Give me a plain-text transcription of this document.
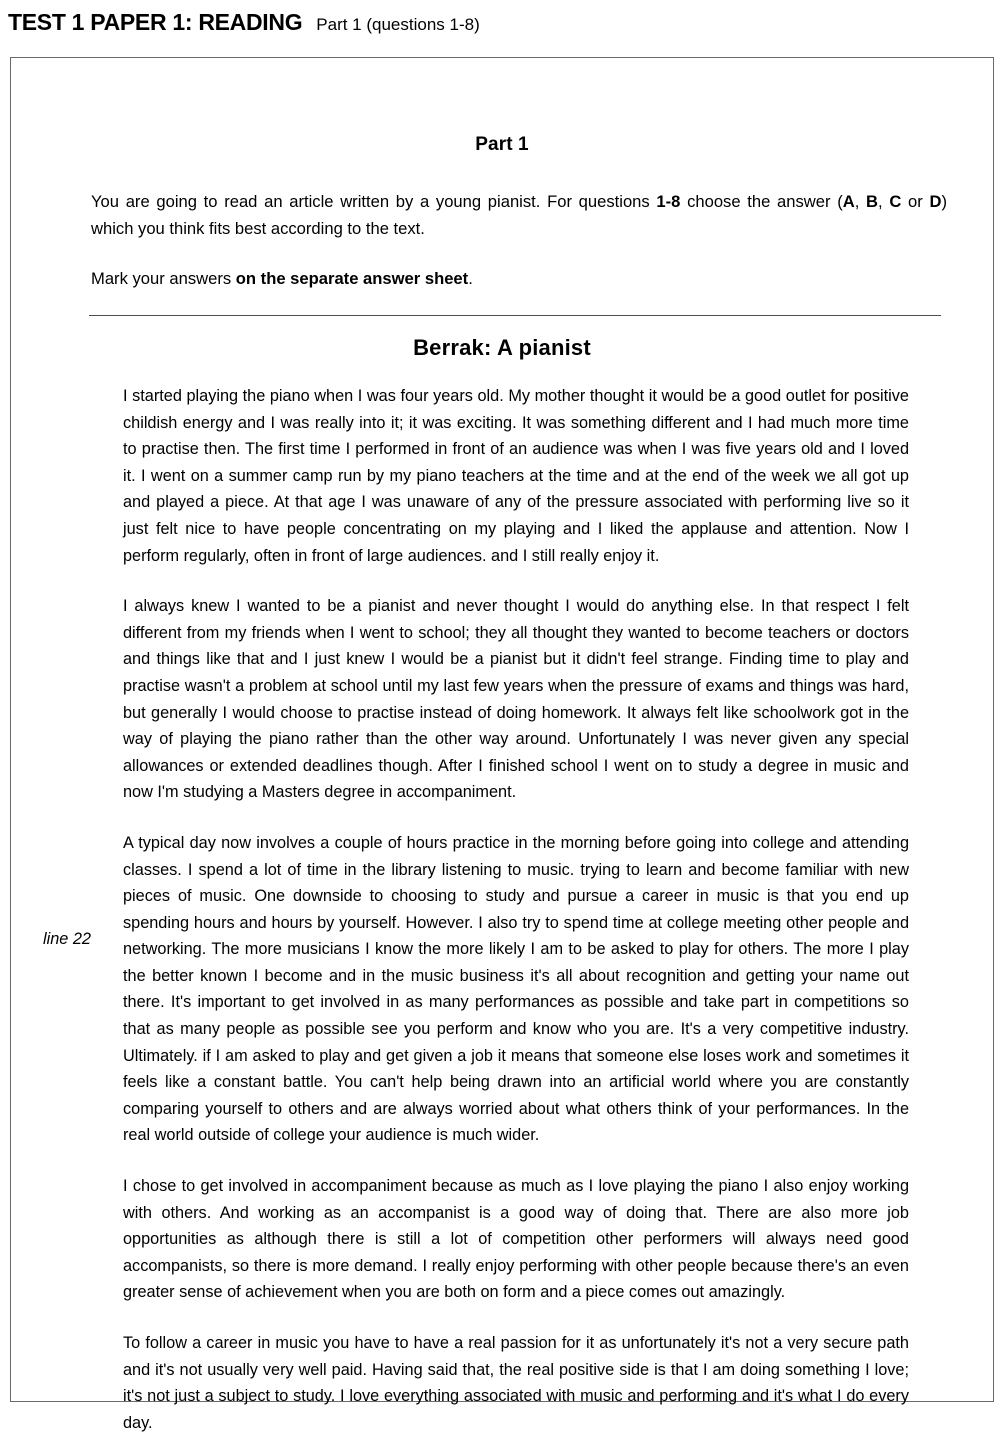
TEST 1 PAPER 1: READING Part 1 (questions 1-8)
Part 1

You are going to read an article written by a young pianist. For questions 1-8 choose the answer (A, B, C or D) which you think fits best according to the text.

Mark your answers on the separate answer sheet.

Berrak: A pianist
line 22

I started playing the piano when I was four years old. My mother thought it would be a good outlet for positive childish energy and I was really into it; it was exciting. It was something different and I had much more time to practise then. The first time I performed in front of an audience was when I was five years old and I loved it. I went on a summer camp run by my piano teachers at the time and at the end of the week we all got up and played a piece. At that age I was unaware of any of the pressure associated with performing live so it just felt nice to have people concentrating on my playing and I liked the applause and attention. Now I perform regularly, often in front of large audiences. and I still really enjoy it.

I always knew I wanted to be a pianist and never thought I would do anything else. In that respect I felt different from my friends when I went to school; they all thought they wanted to become teachers or doctors and things like that and I just knew I would be a pianist but it didn't feel strange. Finding time to play and practise wasn't a problem at school until my last few years when the pressure of exams and things was hard, but generally I would choose to practise instead of doing homework. It always felt like schoolwork got in the way of playing the piano rather than the other way around. Unfortunately I was never given any special allowances or extended deadlines though. After I finished school I went on to study a degree in music and now I'm studying a Masters degree in accompaniment.

A typical day now involves a couple of hours practice in the morning before going into college and attending classes. I spend a lot of time in the library listening to music. trying to learn and become familiar with new pieces of music. One downside to choosing to study and pursue a career in music is that you end up spending hours and hours by yourself. However. I also try to spend time at college meeting other people and networking. The more musicians I know the more likely I am to be asked to play for others. The more I play the better known I become and in the music business it's all about recognition and getting your name out there. It's important to get involved in as many performances as possible and take part in competitions so that as many people as possible see you perform and know who you are. It's a very competitive industry. Ultimately. if I am asked to play and get given a job it means that someone else loses work and sometimes it feels like a constant battle. You can't help being drawn into an artificial world where you are constantly comparing yourself to others and are always worried about what others think of your performances. In the real world outside of college your audience is much wider.

I chose to get involved in accompaniment because as much as I love playing the piano I also enjoy working with others. And working as an accompanist is a good way of doing that. There are also more job opportunities as although there is still a lot of competition other performers will always need good accompanists, so there is more demand. I really enjoy performing with other people because there's an even greater sense of achievement when you are both on form and a piece comes out amazingly.

To follow a career in music you have to have a real passion for it as unfortunately it's not a very secure path and it's not usually very well paid. Having said that, the real positive side is that I am doing something I love; it's not just a subject to study. I love everything associated with music and performing and it's what I do every day.
